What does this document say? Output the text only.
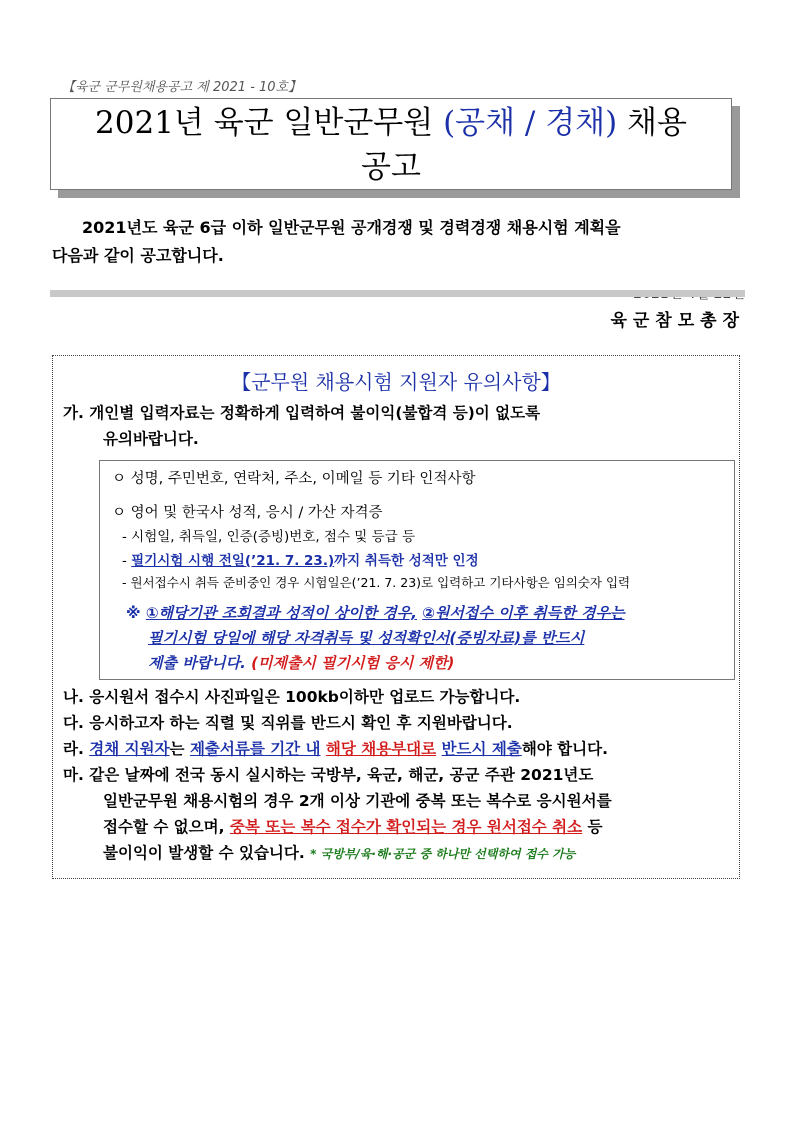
【육군 군무원채용공고 제 2021 - 10호】
2021년 육군 일반군무원 (공채 / 경채) 채용
공고
2021년도 육군 6급 이하 일반군무원 공개경쟁 및 경력경쟁 채용시험 계획을
다음과 같이 공고합니다.
육군참모총장
【군무원 채용시험 지원자 유의사항】
가. 개인별 입력자료는 정확하게 입력하여 불이익(불합격 등)이 없도록
유의바랍니다.
ㅇ 성명, 주민번호, 연락처, 주소, 이메일 등 기타 인적사항
ㅇ 영어 및 한국사 성적, 응시 / 가산 자격증
- 시험일, 취득일, 인증(증빙)번호, 점수 및 등급 등
- 필기시험 시행 전일(’21. 7. 23.)까지 취득한 성적만 인정
- 원서접수시 취득 준비중인 경우 시험일은(’21. 7. 23)로 입력하고 기타사항은 임의숫자 입력
※ ①해당기관 조회결과 성적이 상이한 경우, ②원서접수 이후 취득한 경우는
필기시험 당일에 해당 자격취득 및 성적확인서(증빙자료)를 반드시
제출 바랍니다. (미제출시 필기시험 응시 제한)
나. 응시원서 접수시 사진파일은 100kb이하만 업로드 가능합니다.
다. 응시하고자 하는 직렬 및 직위를 반드시 확인 후 지원바랍니다.
라. 경채 지원자는 제출서류를 기간 내 해당 채용부대로 반드시 제출해야 합니다.
마. 같은 날짜에 전국 동시 실시하는 국방부, 육군, 해군, 공군 주관 2021년도
일반군무원 채용시험의 경우 2개 이상 기관에 중복 또는 복수로 응시원서를
접수할 수 없으며, 중복 또는 복수 접수가 확인되는 경우 원서접수 취소 등
불이익이 발생할 수 있습니다. * 국방부/육·해·공군 중 하나만 선택하여 접수 가능
